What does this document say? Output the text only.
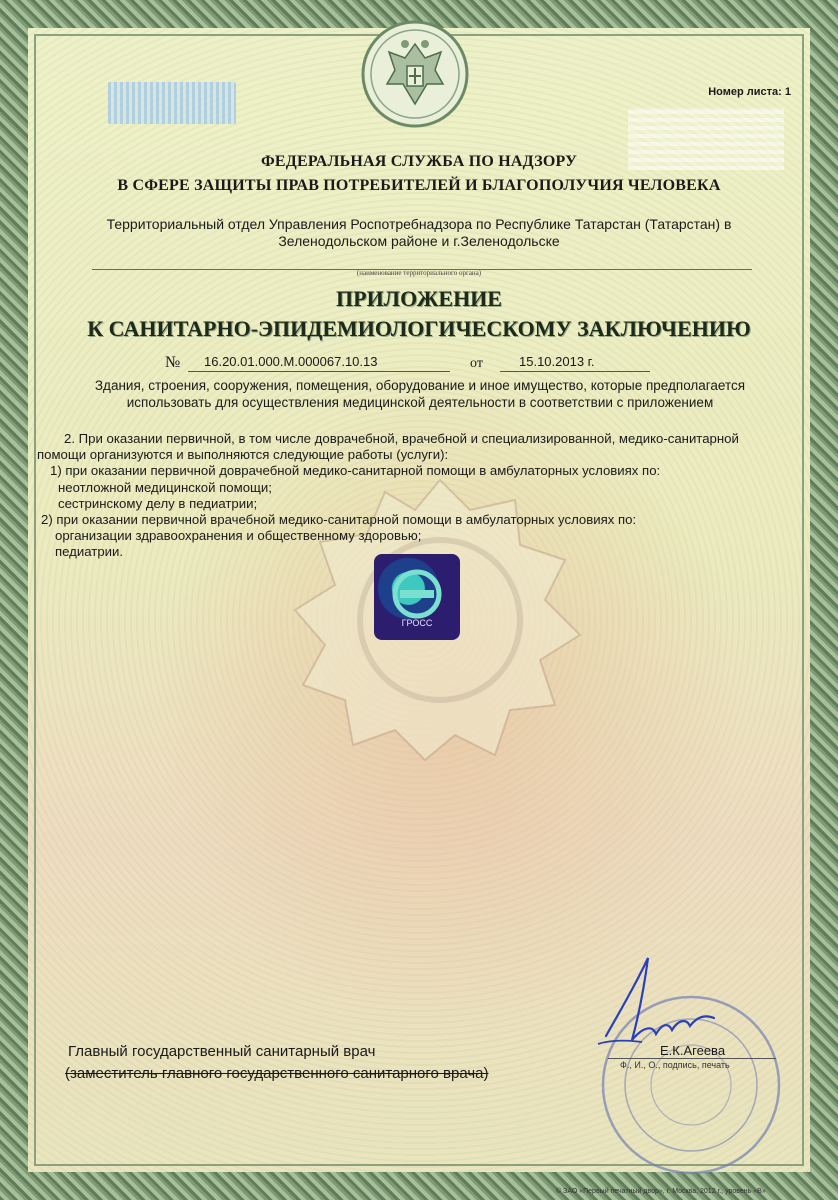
Номер листа: 1
ФЕДЕРАЛЬНАЯ СЛУЖБА ПО НАДЗОРУ
В СФЕРЕ ЗАЩИТЫ ПРАВ ПОТРЕБИТЕЛЕЙ И БЛАГОПОЛУЧИЯ ЧЕЛОВЕКА
Территориальный отдел Управления Роспотребнадзора по Республике Татарстан (Татарстан) в
Зеленодольском районе и г.Зеленодольске
(наименование территориального органа)
ПРИЛОЖЕНИЕ
К САНИТАРНО-ЭПИДЕМИОЛОГИЧЕСКОМУ ЗАКЛЮЧЕНИЮ
№ 16.20.01.000.М.000067.10.13	от	15.10.2013 г.
Здания, строения, сооружения, помещения, оборудование и иное имущество, которые предполагается
использовать для осуществления медицинской деятельности в соответствии с приложением

2. При оказании первичной, в том числе доврачебной, врачебной и специализированной, медико-санитарной

помощи организуются и выполняются следующие работы (услуги):

1) при оказании первичной доврачебной медико-санитарной помощи в амбулаторных условиях по:

неотложной медицинской помощи;

сестринскому делу в педиатрии;

2) при оказании первичной врачебной медико-санитарной помощи в амбулаторных условиях по:

организации здравоохранения и общественному здоровью;

педиатрии.

ГРОСС
Главный государственный санитарный врач
(заместитель главного государственного санитарного врача)
Е.К.Агеева
Ф., И., О., подпись, печать
© ЗАО «Первый печатный двор», г. Москва, 2012 г., уровень «В»
